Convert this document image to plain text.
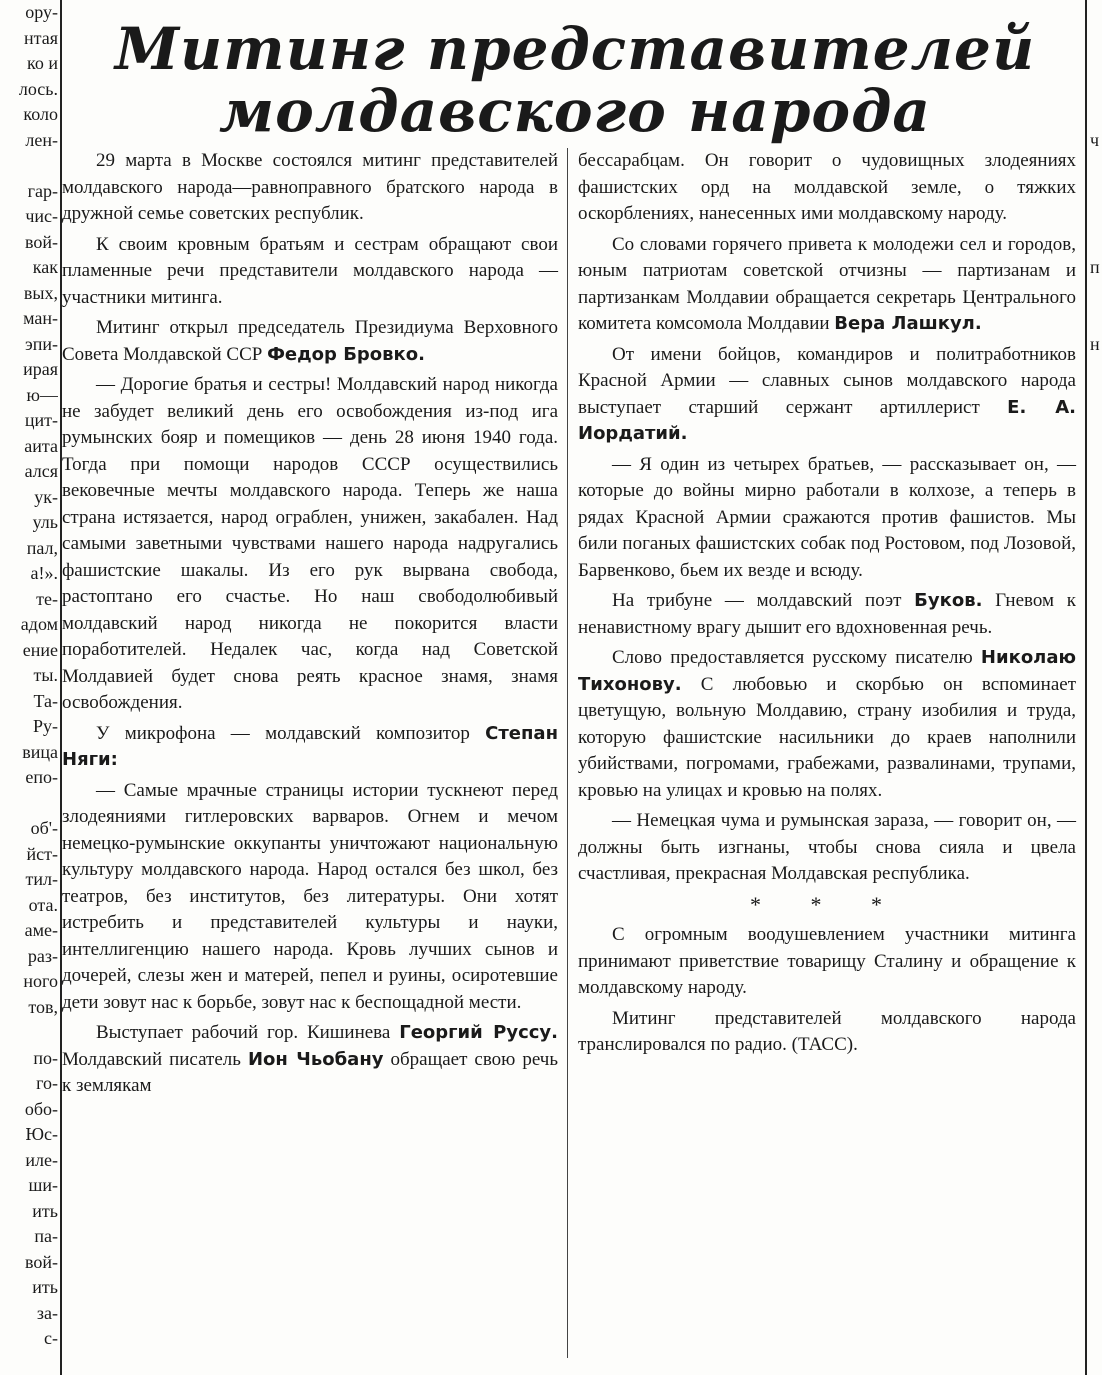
ору-
нтая
ко и
лось.
коло
лен-
гар-
чис-
вой-
как
вых,
ман-
эпи-
ирая
ю—
цит-
аита
ался
ук-
уль
пал,
а!».
те-
адом
ение
ты.
Та-
Ру-
вица
епо-
об'-
йст-
тил-
ота.
аме-
раз-
ного
тов,
по-
го-
обо-
Юс-
иле-
ши-
ить
па-
вой-
ить
за-
с-
ч
п
н
Митинг представителей
молдавского народа

29 марта в Москве состоялся митинг представителей молдавского народа—равноправного братского народа в дружной семье советских республик.

К своим кровным братьям и сестрам обращают свои пламенные речи представители молдавского народа — участники митинга.

Митинг открыл председатель Президиума Верховного Совета Молдавской ССР Федор Бровко.

— Дорогие братья и сестры! Молдавский народ никогда не забудет великий день его освобождения из-под ига румынских бояр и помещиков — день 28 июня 1940 года. Тогда при помощи народов СССР осуществились вековечные мечты молдавского народа. Теперь же наша страна истязается, народ ограблен, унижен, закабален. Над самыми заветными чувствами нашего народа надругались фашистские шакалы. Из его рук вырвана свобода, растоптано его счастье. Но наш свободолюбивый молдавский народ никогда не покорится власти поработителей. Недалек час, когда над Советской Молдавией будет снова реять красное знамя, знамя освобождения.

У микрофона — молдавский композитор Степан Няги:

— Самые мрачные страницы истории тускнеют перед злодеяниями гитлеровских варваров. Огнем и мечом немецко-румынские оккупанты уничтожают национальную культуру молдавского народа. Народ остался без школ, без театров, без институтов, без литературы. Они хотят истребить и представителей культуры и науки, интеллигенцию нашего народа. Кровь лучших сынов и дочерей, слезы жен и матерей, пепел и руины, осиротевшие дети зовут нас к борьбе, зовут нас к беспощадной мести.

Выступает рабочий гор. Кишинева Георгий Руссу. Молдавский писатель Ион Чьобану обращает свою речь к землякам

бессарабцам. Он говорит о чудовищных злодеяниях фашистских орд на молдавской земле, о тяжких оскорблениях, нанесенных ими молдавскому народу.

Со словами горячего привета к молодежи сел и городов, юным патриотам советской отчизны — партизанам и партизанкам Молдавии обращается секретарь Центрального комитета комсомола Молдавии Вера Лашкул.

От имени бойцов, командиров и политработников Красной Армии — славных сынов молдавского народа выступает старший сержант артиллерист Е. А. Иордатий.

— Я один из четырех братьев, — рассказывает он, — которые до войны мирно работали в колхозе, а теперь в рядах Красной Армии сражаются против фашистов. Мы били поганых фашистских собак под Ростовом, под Лозовой, Барвенково, бьем их везде и всюду.

На трибуне — молдавский поэт Буков. Гневом к ненавистному врагу дышит его вдохновенная речь.

Слово предоставляется русскому писателю Николаю Тихонову. С любовью и скорбью он вспоминает цветущую, вольную Молдавию, страну изобилия и труда, которую фашистские насильники до краев наполнили убийствами, погромами, грабежами, развалинами, трупами, кровью на улицах и кровью на полях.

— Немецкая чума и румынская зараза, — говорит он, — должны быть изгнаны, чтобы снова сияла и цвела счастливая, прекрасная Молдавская республика.

* * *

С огромным воодушевлением участники митинга принимают приветствие товарищу Сталину и обращение к молдавскому народу.

Митинг представителей молдавского народа транслировался по радио. (ТАСС).
